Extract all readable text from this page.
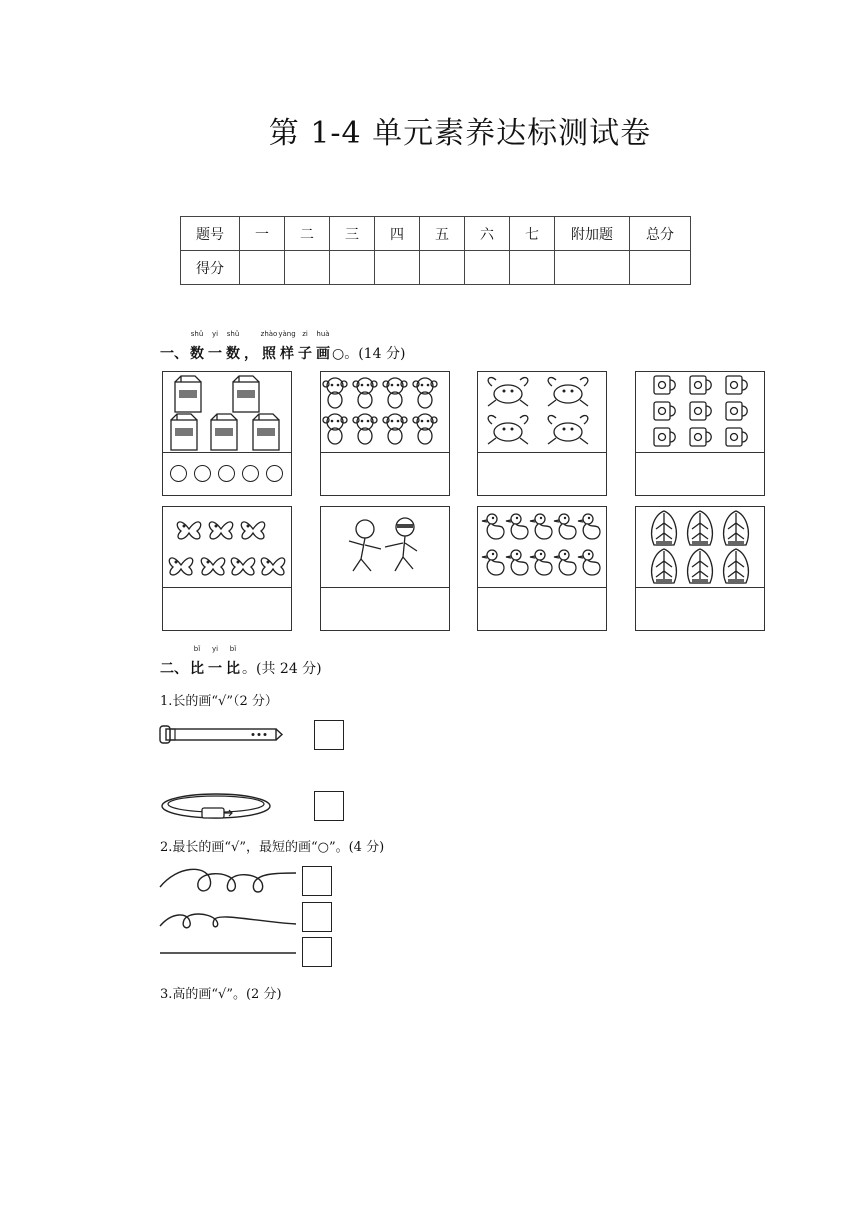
第 1-4 单元素养达标测试卷
题号	一	二	三	四	五	六	七	附加题	总分
得分									
一、
shǔ
数
yi
一
shǔ
数 ，
zhào
照
yàng
样
zi
子
huà
画 ○。(14 分)
二、
bǐ
比
yi
一
bǐ
比 。(共 24 分)
1.长的画“√”（2 分）
2.最长的画“√”，最短的画“○”。(4 分)
3.高的画“√”。(2 分)
